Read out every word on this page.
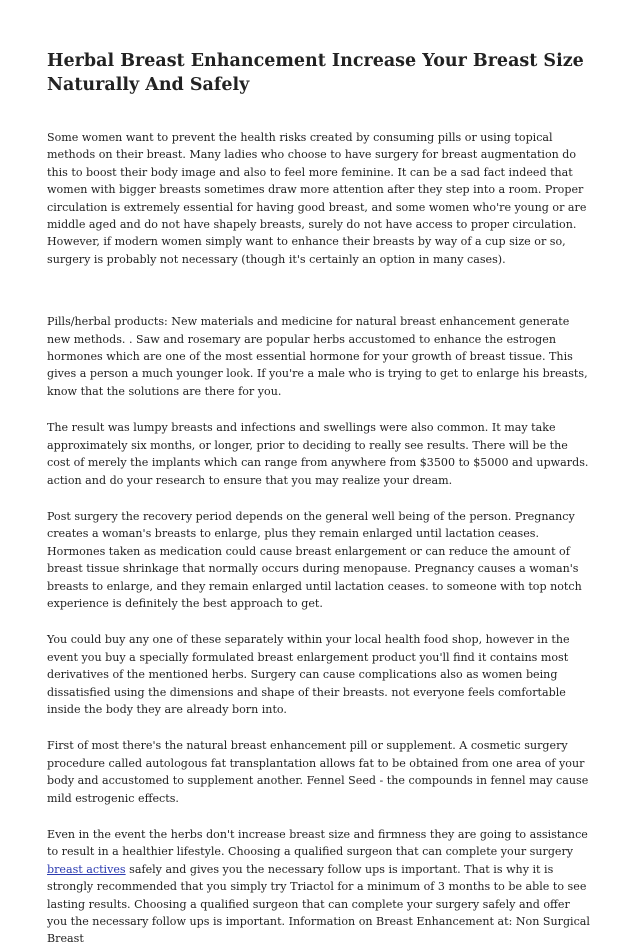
Herbal Breast Enhancement Increase Your Breast Size Naturally And Safely

Some women want to prevent the health risks created by consuming pills or using topical methods on their breast. Many ladies who choose to have surgery for breast augmentation do this to boost their body image and also to feel more feminine. It can be a sad fact indeed that women with bigger breasts sometimes draw more attention after they step into a room. Proper circulation is extremely essential for having good breast, and some women who're young or are middle aged and do not have shapely breasts, surely do not have access to proper circulation. However, if modern women simply want to enhance their breasts by way of a cup size or so, surgery is probably not necessary (though it's certainly an option in many cases).

Pills/herbal products: New materials and medicine for natural breast enhancement generate new methods. . Saw and rosemary are popular herbs accustomed to enhance the estrogen hormones which are one of the most essential hormone for your growth of breast tissue. This gives a person a much younger look. If you're a male who is trying to get to enlarge his breasts, know that the solutions are there for you.

The result was lumpy breasts and infections and swellings were also common. It may take approximately six months, or longer, prior to deciding to really see results. There will be the cost of merely the implants which can range from anywhere from $3500 to $5000 and upwards. action and do your research to ensure that you may realize your dream.

Post surgery the recovery period depends on the general well being of the person. Pregnancy creates a woman's breasts to enlarge, plus they remain enlarged until lactation ceases. Hormones taken as medication could cause breast enlargement or can reduce the amount of breast tissue shrinkage that normally occurs during menopause. Pregnancy causes a woman's breasts to enlarge, and they remain enlarged until lactation ceases. to someone with top notch experience is definitely the best approach to get.

You could buy any one of these separately within your local health food shop, however in the event you buy a specially formulated breast enlargement product you'll find it contains most derivatives of the mentioned herbs. Surgery can cause complications also as women being dissatisfied using the dimensions and shape of their breasts. not everyone feels comfortable inside the body they are already born into.

First of most there's the natural breast enhancement pill or supplement. A cosmetic surgery procedure called autologous fat transplantation allows fat to be obtained from one area of your body and accustomed to supplement another. Fennel Seed - the compounds in fennel may cause mild estrogenic effects.

Even in the event the herbs don't increase breast size and firmness they are going to assistance to result in a healthier lifestyle. Choosing a qualified surgeon that can complete your surgery breast actives safely and gives you the necessary follow ups is important. That is why it is strongly recommended that you simply try Triactol for a minimum of 3 months to be able to see lasting results. Choosing a qualified surgeon that can complete your surgery safely and offer you the necessary follow ups is important. Information on Breast Enhancement at: Non Surgical Breast
